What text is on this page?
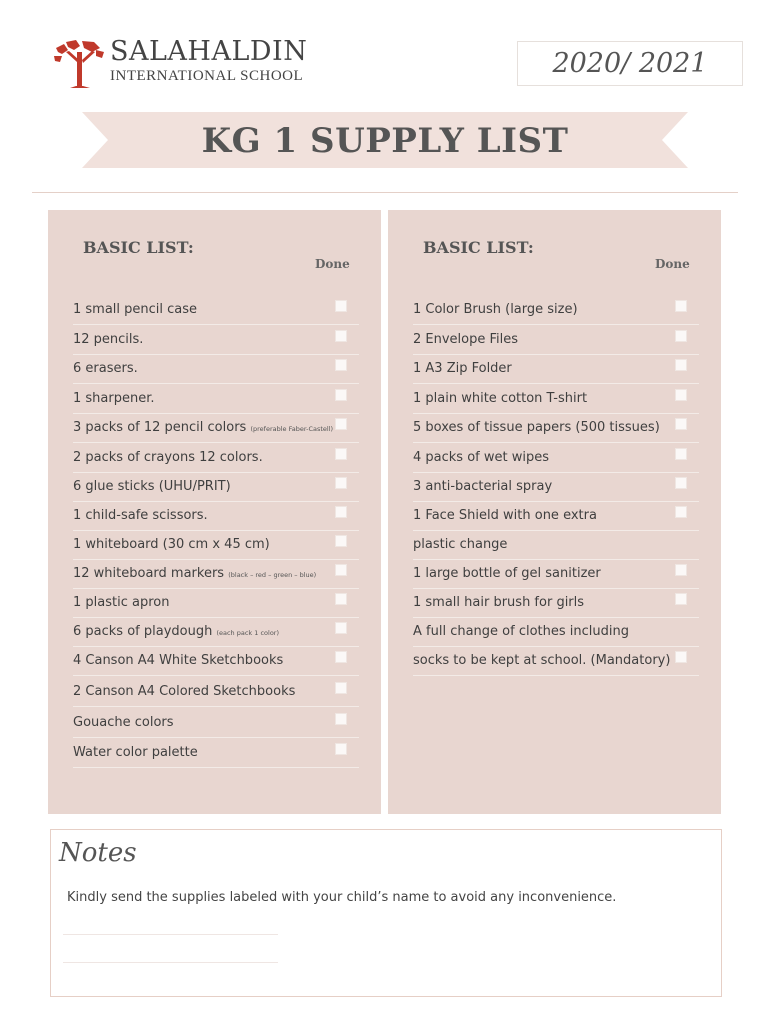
SALAHALDIN
INTERNATIONAL SCHOOL	2020/ 2021
KG 1 SUPPLY LIST
BASIC LIST:
Done
1 small pencil case
12 pencils.
6 erasers.
1 sharpener.
3 packs of 12 pencil colors (preferable Faber-Castell)
2 packs of crayons 12 colors.
6 glue sticks (UHU/PRIT)
1 child-safe scissors.
1 whiteboard (30 cm x 45 cm)
12 whiteboard markers (black – red – green – blue)
1 plastic apron
6 packs of playdough (each pack 1 color)
4 Canson A4 White Sketchbooks
2 Canson A4 Colored Sketchbooks
Gouache colors
Water color palette
BASIC LIST:
Done
1 Color Brush (large size)
2 Envelope Files
1 A3 Zip Folder
1 plain white cotton T-shirt
5 boxes of tissue papers (500 tissues)
4 packs of wet wipes
3 anti-bacterial spray
1 Face Shield with one extra
plastic change
1 large bottle of gel sanitizer
1 small hair brush for girls
A full change of clothes including
socks to be kept at school. (Mandatory)
Notes
Kindly send the supplies labeled with your child’s name to avoid any inconvenience.
